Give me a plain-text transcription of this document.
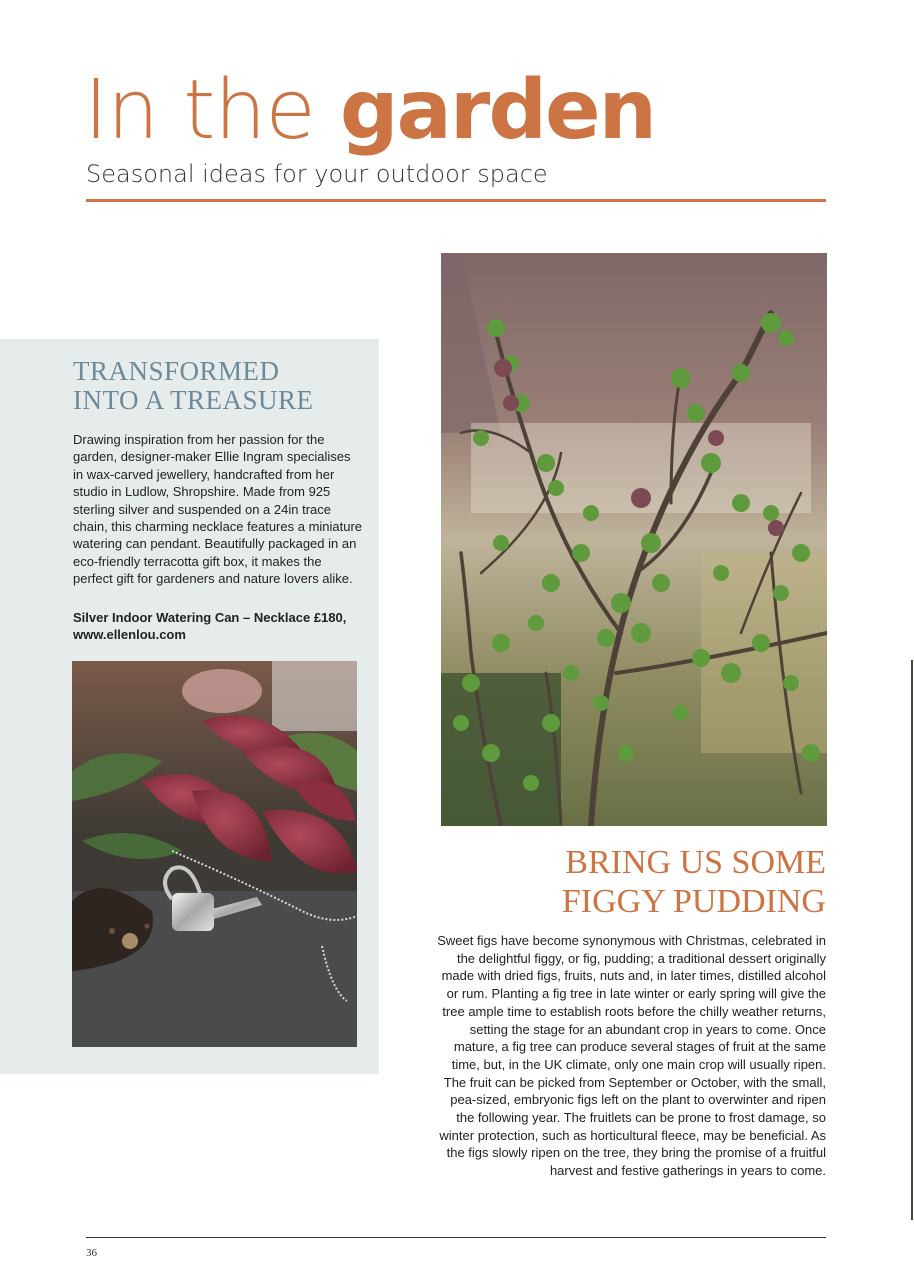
In the garden
Seasonal ideas for your outdoor space
TRANSFORMED
INTO A TREASURE

Drawing inspiration from her passion for the garden, designer-maker Ellie Ingram specialises in wax-carved jewellery, handcrafted from her studio in Ludlow, Shropshire. Made from 925 sterling silver and suspended on a 24in trace chain, this charming necklace features a miniature watering can pendant. Beautifully packaged in an eco-friendly terracotta gift box, it makes the perfect gift for gardeners and nature lovers alike.

Silver Indoor Watering Can – Necklace £180,
www.ellenlou.com

BRING US SOME
FIGGY PUDDING

Sweet figs have become synonymous with Christmas, celebrated in the delightful figgy, or fig, pudding; a traditional dessert originally made with dried figs, fruits, nuts and, in later times, distilled alcohol or rum. Planting a fig tree in late winter or early spring will give the tree ample time to establish roots before the chilly weather returns, setting the stage for an abundant crop in years to come. Once mature, a fig tree can produce several stages of fruit at the same time, but, in the UK climate, only one main crop will usually ripen. The fruit can be picked from September or October, with the small, pea-sized, embryonic figs left on the plant to overwinter and ripen the following year. The fruitlets can be prone to frost damage, so winter protection, such as horticultural fleece, may be beneficial. As the figs slowly ripen on the tree, they bring the promise of a fruitful harvest and festive gatherings in years to come.

36
